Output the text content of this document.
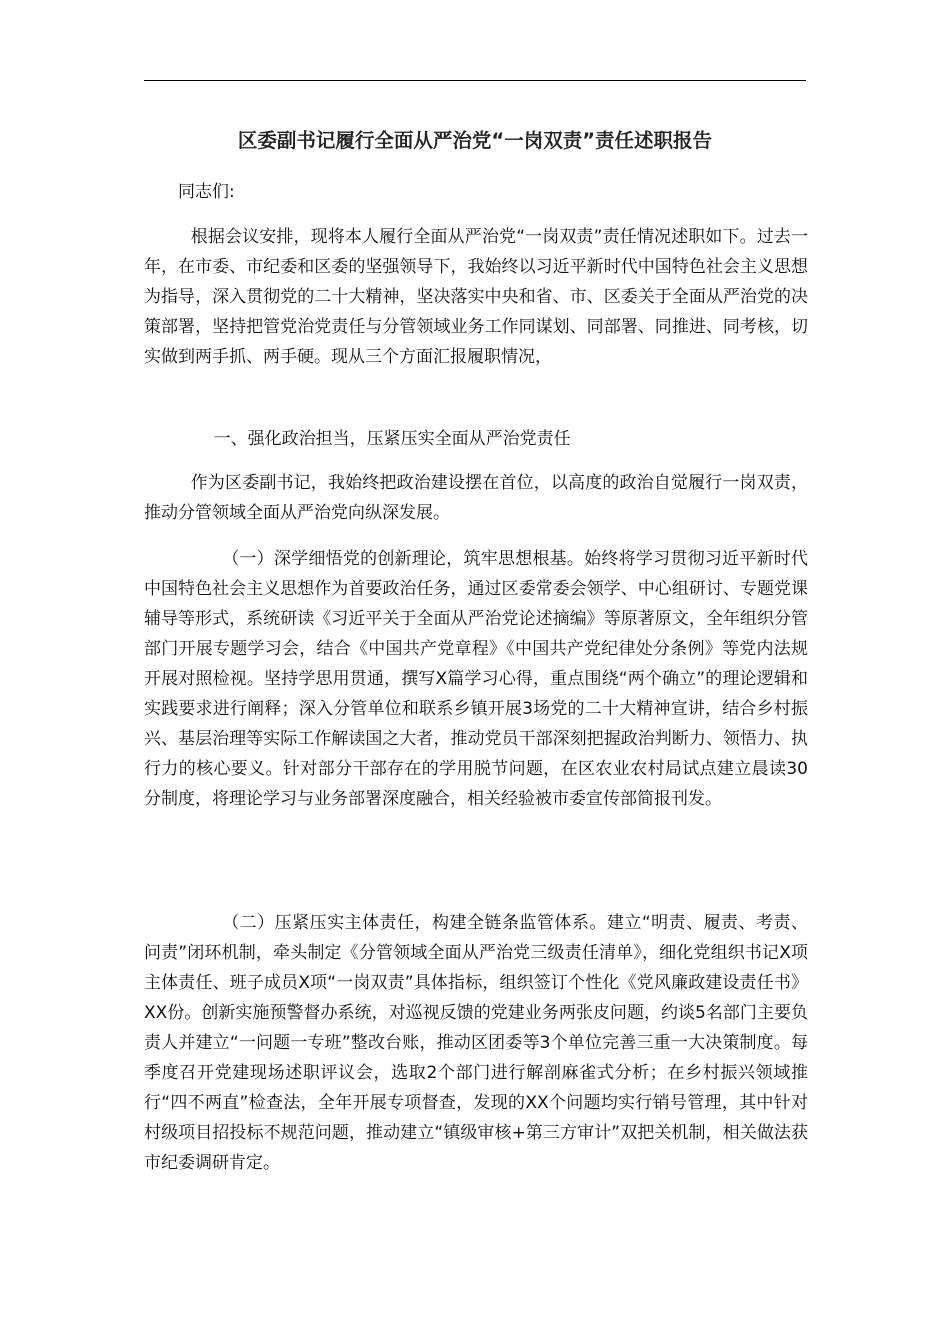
区委副书记履行全面从严治党“一岗双责”责任述职报告
同志们:

根据会议安排，现将本人履行全面从严治党“一岗双责”责任情况述职如下。过去一年，在市委、市纪委和区委的坚强领导下，我始终以习近平新时代中国特色社会主义思想为指导，深入贯彻党的二十大精神，坚决落实中央和省、市、区委关于全面从严治党的决策部署，坚持把管党治党责任与分管领域业务工作同谋划、同部署、同推进、同考核，切实做到两手抓、两手硬。现从三个方面汇报履职情况，

一、强化政治担当，压紧压实全面从严治党责任

作为区委副书记，我始终把政治建设摆在首位，以高度的政治自觉履行一岗双责，推动分管领域全面从严治党向纵深发展。

（一）深学细悟党的创新理论，筑牢思想根基。始终将学习贯彻习近平新时代中国特色社会主义思想作为首要政治任务，通过区委常委会领学、中心组研讨、专题党课辅导等形式，系统研读《习近平关于全面从严治党论述摘编》等原著原文，全年组织分管部门开展专题学习会，结合《中国共产党章程》《中国共产党纪律处分条例》等党内法规开展对照检视。坚持学思用贯通，撰写X篇学习心得，重点围绕“两个确立”的理论逻辑和实践要求进行阐释；深入分管单位和联系乡镇开展3场党的二十大精神宣讲，结合乡村振兴、基层治理等实际工作解读国之大者，推动党员干部深刻把握政治判断力、领悟力、执行力的核心要义。针对部分干部存在的学用脱节问题，在区农业农村局试点建立晨读30分制度，将理论学习与业务部署深度融合，相关经验被市委宣传部简报刊发。

（二）压紧压实主体责任，构建全链条监管体系。建立“明责、履责、考责、问责”闭环机制，牵头制定《分管领域全面从严治党三级责任清单》，细化党组织书记X项主体责任、班子成员X项“一岗双责”具体指标，组织签订个性化《党风廉政建设责任书》XX份。创新实施预警督办系统，对巡视反馈的党建业务两张皮问题，约谈5名部门主要负责人并建立“一问题一专班”整改台账，推动区团委等3个单位完善三重一大决策制度。每季度召开党建现场述职评议会，选取2个部门进行解剖麻雀式分析；在乡村振兴领域推行“四不两直”检查法，全年开展专项督查，发现的XX个问题均实行销号管理，其中针对村级项目招投标不规范问题，推动建立“镇级审核+第三方审计”双把关机制，相关做法获市纪委调研肯定。
